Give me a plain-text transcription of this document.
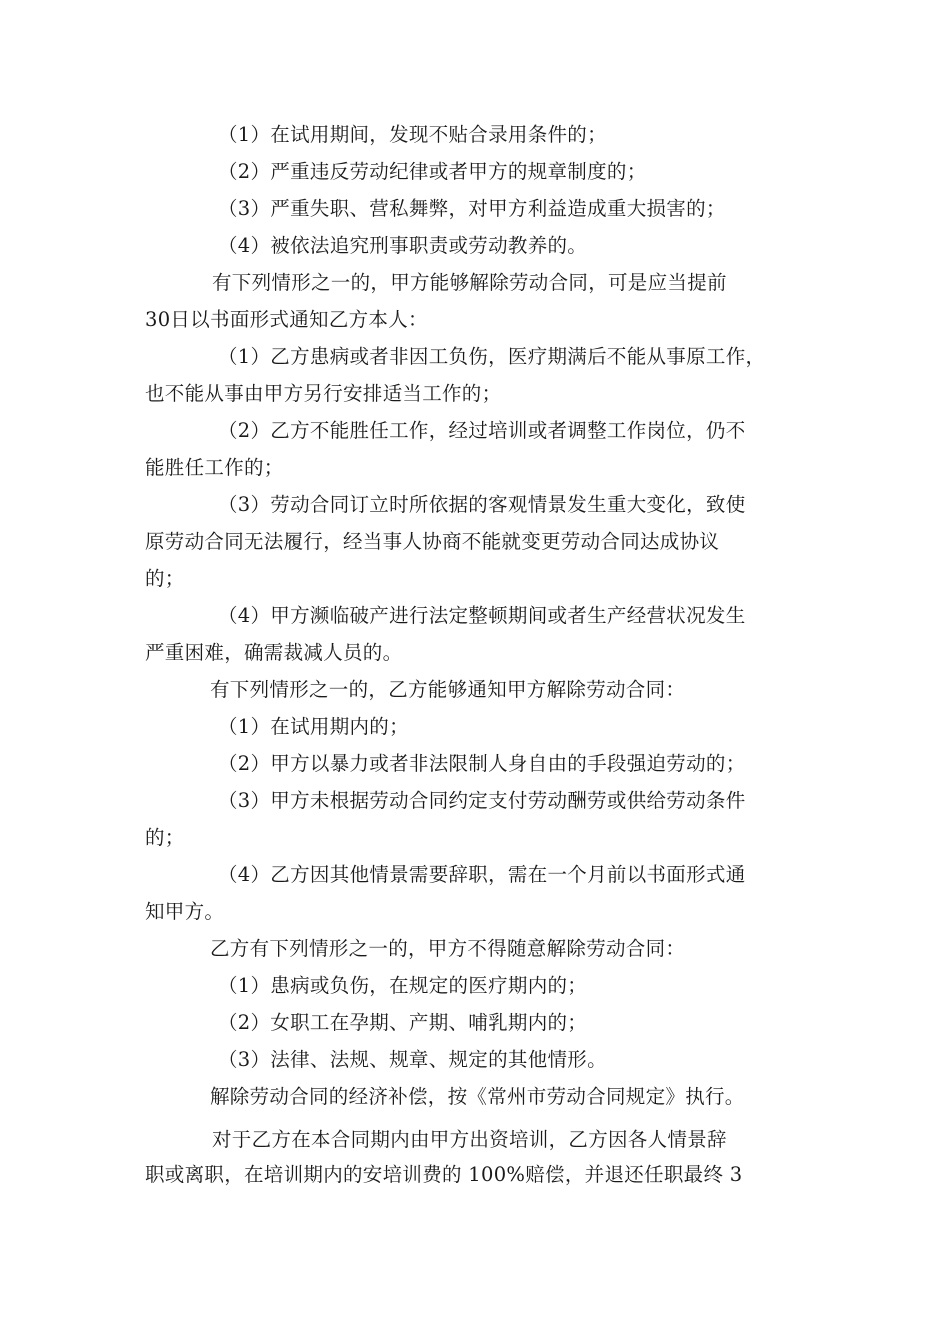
（1）在试用期间，发现不贴合录用条件的；
（2）严重违反劳动纪律或者甲方的规章制度的；
（3）严重失职、营私舞弊，对甲方利益造成重大损害的；
（4）被依法追究刑事职责或劳动教养的。
有下列情形之一的，甲方能够解除劳动合同，可是应当提前
30日以书面形式通知乙方本人：
（1）乙方患病或者非因工负伤，医疗期满后不能从事原工作，
也不能从事由甲方另行安排适当工作的；
（2）乙方不能胜任工作，经过培训或者调整工作岗位，仍不
能胜任工作的；
（3）劳动合同订立时所依据的客观情景发生重大变化，致使
原劳动合同无法履行，经当事人协商不能就变更劳动合同达成协议
的；
（4）甲方濒临破产进行法定整顿期间或者生产经营状况发生
严重困难，确需裁减人员的。
有下列情形之一的，乙方能够通知甲方解除劳动合同：
（1）在试用期内的；
（2）甲方以暴力或者非法限制人身自由的手段强迫劳动的；
（3）甲方未根据劳动合同约定支付劳动酬劳或供给劳动条件
的；
（4）乙方因其他情景需要辞职，需在一个月前以书面形式通
知甲方。
乙方有下列情形之一的，甲方不得随意解除劳动合同：
（1）患病或负伤，在规定的医疗期内的；
（2）女职工在孕期、产期、哺乳期内的；
（3）法律、法规、规章、规定的其他情形。
解除劳动合同的经济补偿，按《常州市劳动合同规定》执行。
对于乙方在本合同期内由甲方出资培训，乙方因各人情景辞
职或离职，在培训期内的安培训费的 100%赔偿，并退还任职最终 3
